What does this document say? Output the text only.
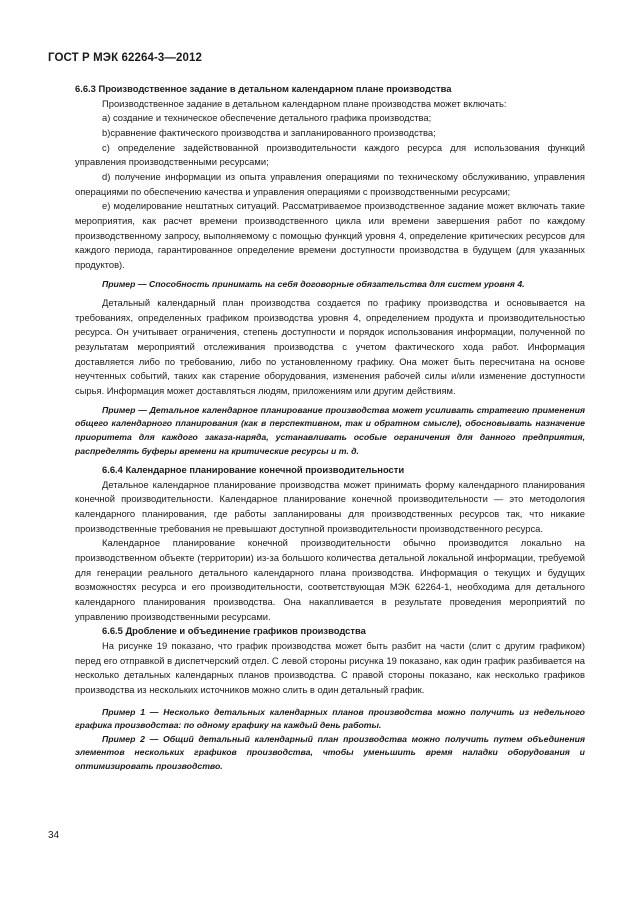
ГОСТ Р МЭК 62264-3—2012

6.6.3 Производственное задание в детальном календарном плане производства

Производственное задание в детальном календарном плане производства может включать:

а) создание и техническое обеспечение детального графика производства;

b)сравнение фактического производства и запланированного производства;

с) определение задействованной производительности каждого ресурса для использования функций управления производственными ресурсами;

d) получение информации из опыта управления операциями по техническому обслуживанию, управления операциями по обеспечению качества и управления операциями с производственными ресурсами;

е) моделирование нештатных ситуаций. Рассматриваемое производственное задание может включать такие мероприятия, как расчет времени производственного цикла или времени завершения работ по каждому производственному запросу, выполняемому с помощью функций уровня 4, определение критических ресурсов для каждого периода, гарантированное определение времени доступности производства в будущем (для указанных продуктов).

Пример — Способность принимать на себя договорные обязательства для систем уровня 4.

Детальный календарный план производства создается по графику производства и основывается на требованиях, определенных графиком производства уровня 4, определением продукта и производительностью ресурса. Он учитывает ограничения, степень доступности и порядок использования информации, полученной по результатам мероприятий отслеживания производства с учетом фактического хода работ. Информация доставляется либо по требованию, либо по установленному графику. Она может быть пересчитана на основе неучтенных событий, таких как старение оборудования, изменения рабочей силы и/или изменение доступности сырья. Информация может доставляться людям, приложениям или другим действиям.

Пример — Детальное календарное планирование производства может усиливать стратегию применения общего календарного планирования (как в перспективном, так и обратном смысле), обосновывать назначение приоритета для каждого заказа-наряда, устанавливать особые ограничения для данного предприятия, распределять буферы времени на критические ресурсы и т. д.

6.6.4 Календарное планирование конечной производительности

Детальное календарное планирование производства может принимать форму календарного планирования конечной производительности. Календарное планирование конечной производительности — это методология календарного планирования, где работы запланированы для производственных ресурсов так, что никакие производственные требования не превышают доступной производительности производственного ресурса.

Календарное планирование конечной производительности обычно производится локально на производственном объекте (территории) из-за большого количества детальной локальной информации, требуемой для генерации реального детального календарного плана производства. Информация о текущих и будущих возможностях ресурса и его производительности, соответствующая МЭК 62264-1, необходима для детального календарного планирования производства. Она накапливается в результате проведения мероприятий по управлению производственными ресурсами.

6.6.5 Дробление и объединение графиков производства

На рисунке 19 показано, что график производства может быть разбит на части (слит с другим графиком) перед его отправкой в диспетчерский отдел. С левой стороны рисунка 19 показано, как один график разбивается на несколько детальных календарных планов производства. С правой стороны показано, как несколько графиков производства из нескольких источников можно слить в один детальный график.

Пример 1 — Несколько детальных календарных планов производства можно получить из недельного графика производства: по одному графику на каждый день работы.

Пример 2 — Общий детальный календарный план производства можно получить путем объединения элементов нескольких графиков производства, чтобы уменьшить время наладки оборудования и оптимизировать производство.

34
